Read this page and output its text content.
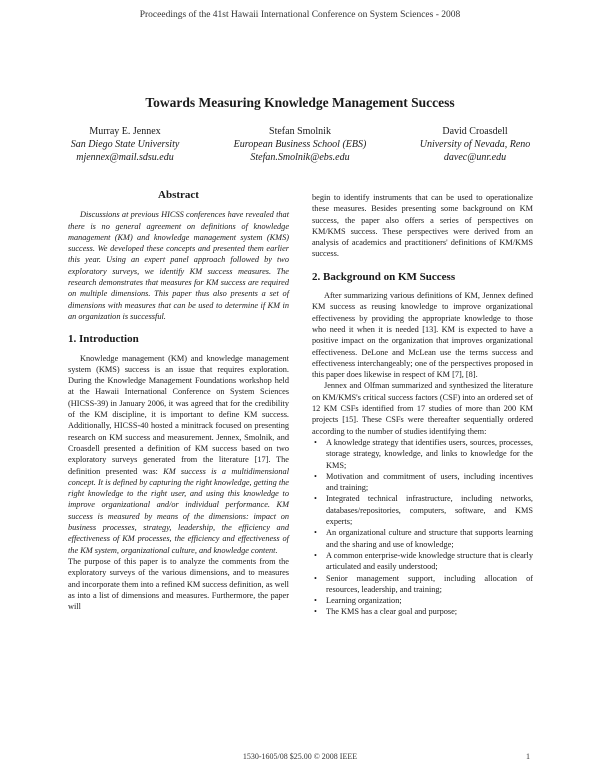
Proceedings of the 41st Hawaii International Conference on System Sciences - 2008
Towards Measuring Knowledge Management Success
Murray E. Jennex
San Diego State University
mjennex@mail.sdsu.edu
Stefan Smolnik
European Business School (EBS)
Stefan.Smolnik@ebs.edu
David Croasdell
University of Nevada, Reno
davec@unr.edu
Abstract

Discussions at previous HICSS conferences have revealed that there is no general agreement on definitions of knowledge management (KM) and knowledge management system (KMS) success. We developed these concepts and presented them earlier this year. Using an expert panel approach followed by two exploratory surveys, we identify KM success measures. The research demonstrates that measures for KM success are required on multiple dimensions. This paper thus also presents a set of dimensions with measures that can be used to determine if KM in an organization is successful.

1. Introduction

Knowledge management (KM) and knowledge management system (KMS) success is an issue that requires exploration. During the Knowledge Management Foundations workshop held at the Hawaii International Conference on System Sciences (HICSS-39) in January 2006, it was agreed that for the credibility of the KM discipline, it is important to define KM success. Additionally, HICSS-40 hosted a minitrack focused on presenting research on KM success and measurement. Jennex, Smolnik, and Croasdell presented a definition of KM success based on two exploratory surveys generated from the literature [17]. The definition presented was: KM success is a multidimensional concept. It is defined by capturing the right knowledge, getting the right knowledge to the right user, and using this knowledge to improve organizational and/or individual performance. KM success is measured by means of the dimensions: impact on business processes, strategy, leadership, the efficiency and effectiveness of KM processes, the efficiency and effectiveness of the KM system, organizational culture, and knowledge content.

The purpose of this paper is to analyze the comments from the exploratory surveys of the various dimensions, and to measures and incorporate them into a refined KM success definition, as well as into a list of dimensions and measures. Furthermore, the paper will

begin to identify instruments that can be used to operationalize these measures. Besides presenting some background on KM success, the paper also offers a series of perspectives on KM/KMS success. These perspectives were derived from an analysis of academics and practitioners' definitions of KM/KMS success.

2. Background on KM Success

After summarizing various definitions of KM, Jennex defined KM success as reusing knowledge to improve organizational effectiveness by providing the appropriate knowledge to those who need it when it is needed [13]. KM is expected to have a positive impact on the organization that improves organizational effectiveness. DeLone and McLean use the terms success and effectiveness interchangeably; one of the perspectives proposed in this paper does likewise in respect of KM [7], [8].

Jennex and Olfman summarized and synthesized the literature on KM/KMS's critical success factors (CSF) into an ordered set of 12 KM CSFs identified from 17 studies of more than 200 KM projects [15]. These CSFs were thereafter sequentially ordered according to the number of studies identifying them:

• A knowledge strategy that identifies users, sources, processes, storage strategy, knowledge, and links to knowledge for the KMS;
• Motivation and commitment of users, including incentives and training;
• Integrated technical infrastructure, including networks, databases/repositories, computers, software, and KMS experts;
• An organizational culture and structure that supports learning and the sharing and use of knowledge;
• A common enterprise-wide knowledge structure that is clearly articulated and easily understood;
• Senior management support, including allocation of resources, leadership, and training;
• Learning organization;
• The KMS has a clear goal and purpose;
1530-1605/08 $25.00 © 2008 IEEE	1
